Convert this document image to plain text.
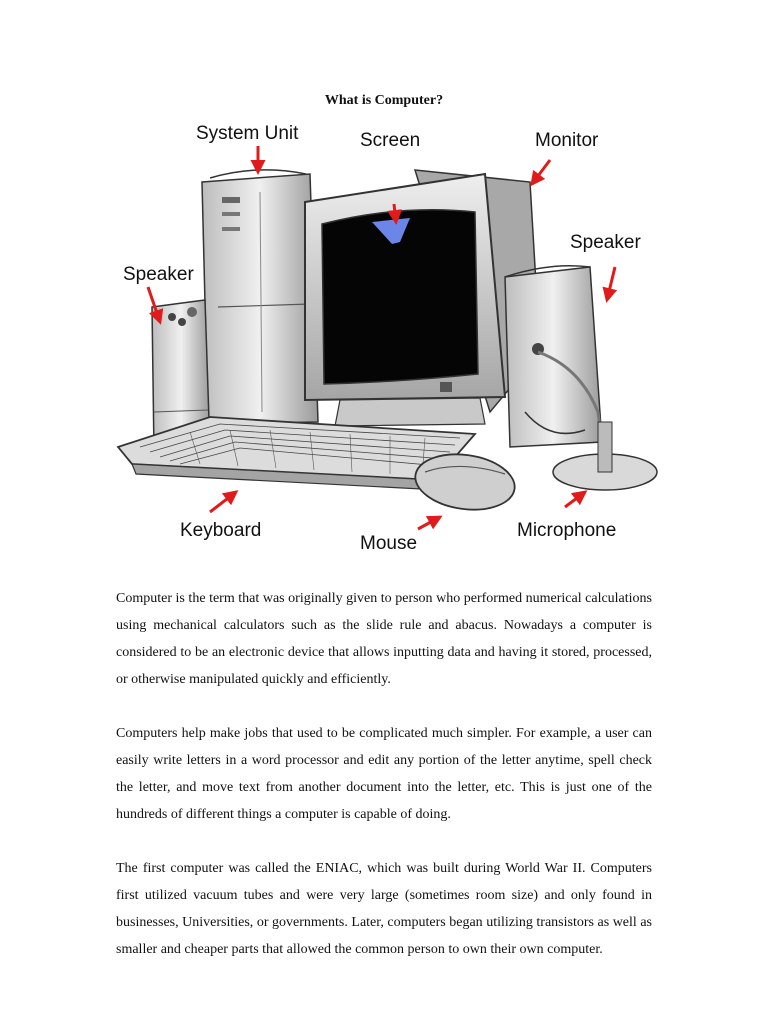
What is Computer?
System Unit	Screen	Monitor
Speaker
Speaker
Keyboard
Mouse
Microphone

Computer is the term that was originally given to person who performed numerical calculations using mechanical calculators such as the slide rule and abacus. Nowadays a computer is considered to be an electronic device that allows inputting data and having it stored, processed, or otherwise manipulated quickly and efficiently.

Computers help make jobs that used to be complicated much simpler. For example, a user can easily write letters in a word processor and edit any portion of the letter anytime, spell check the letter, and move text from another document into the letter, etc. This is just one of the hundreds of different things a computer is capable of doing.

The first computer was called the ENIAC, which was built during World War II. Computers first utilized vacuum tubes and were very large (sometimes room size) and only found in businesses, Universities, or governments. Later, computers began utilizing transistors as well as smaller and cheaper parts that allowed the common person to own their own computer.
